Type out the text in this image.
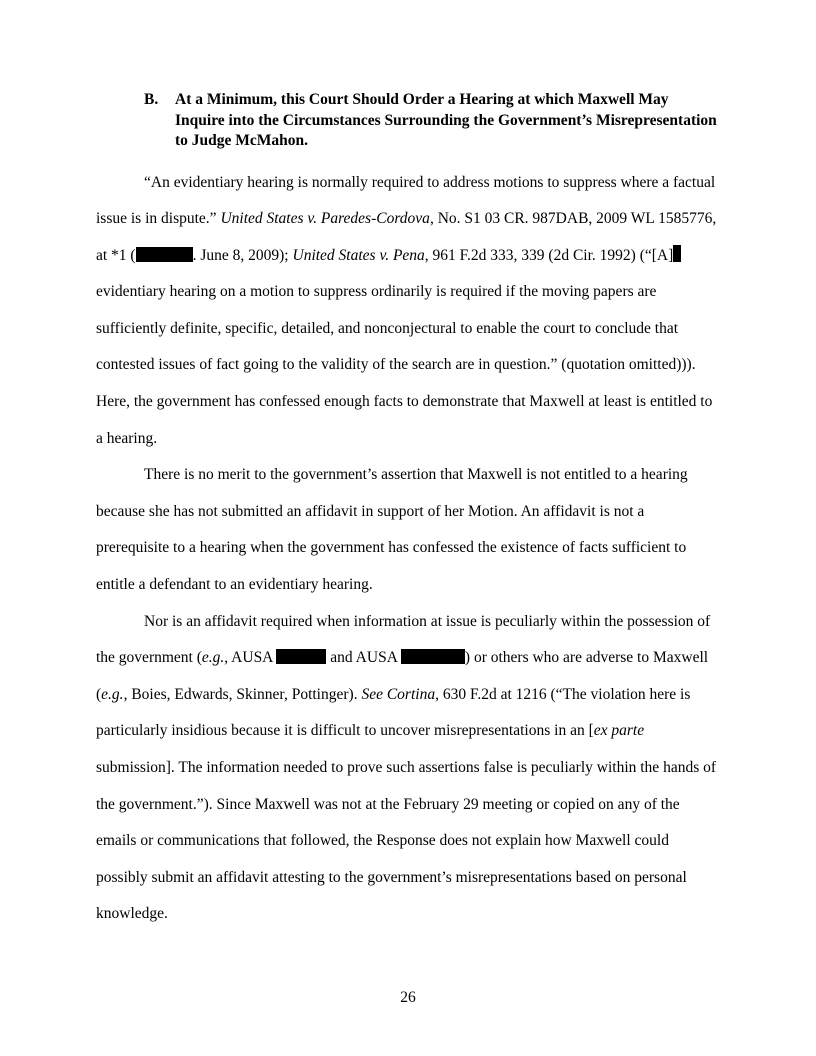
B. At a Minimum, this Court Should Order a Hearing at which Maxwell May Inquire into the Circumstances Surrounding the Government’s Misrepresentation to Judge McMahon.

“An evidentiary hearing is normally required to address motions to suppress where a factual issue is in dispute.” United States v. Paredes-Cordova, No. S1 03 CR. 987DAB, 2009 WL 1585776, at *1 (	. June 8, 2009); United States v. Pena, 961 F.2d 333, 339 (2d Cir. 1992) (“[A] evidentiary hearing on a motion to suppress ordinarily is required if the moving papers are sufficiently definite, specific, detailed, and nonconjectural to enable the court to conclude that contested issues of fact going to the validity of the search are in question.” (quotation omitted))). Here, the government has confessed enough facts to demonstrate that Maxwell at least is entitled to a hearing.

There is no merit to the government’s assertion that Maxwell is not entitled to a hearing because she has not submitted an affidavit in support of her Motion. An affidavit is not a prerequisite to a hearing when the government has confessed the existence of facts sufficient to entitle a defendant to an evidentiary hearing.

Nor is an affidavit required when information at issue is peculiarly within the possession of the government (e.g., AUSA	and AUSA	) or others who are adverse to Maxwell (e.g., Boies, Edwards, Skinner, Pottinger). See Cortina, 630 F.2d at 1216 (“The violation here is particularly insidious because it is difficult to uncover misrepresentations in an [ex parte submission]. The information needed to prove such assertions false is peculiarly within the hands of the government.”). Since Maxwell was not at the February 29 meeting or copied on any of the emails or communications that followed, the Response does not explain how Maxwell could possibly submit an affidavit attesting to the government’s misrepresentations based on personal knowledge.

26
